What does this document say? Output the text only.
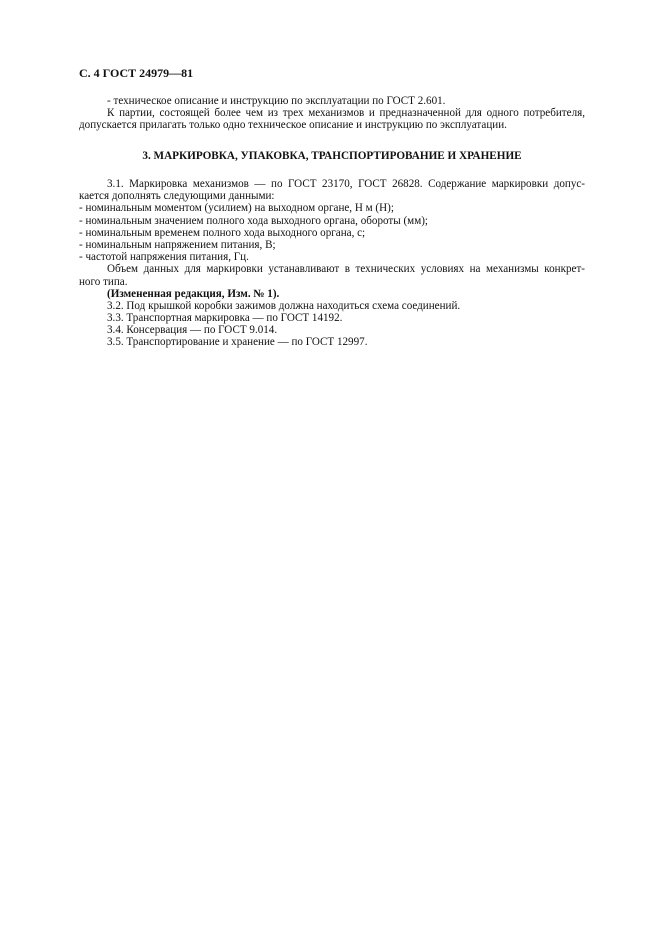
С. 4 ГОСТ 24979—81
- техническое описание и инструкцию по эксплуатации по ГОСТ 2.601.
К партии, состоящей более чем из трех механизмов и предназначенной для одного потребителя,
допускается прилагать только одно техническое описание и инструкцию по эксплуатации.
3. МАРКИРОВКА, УПАКОВКА, ТРАНСПОРТИРОВАНИЕ И ХРАНЕНИЕ
3.1. Маркировка механизмов — по ГОСТ 23170, ГОСТ 26828. Содержание маркировки допус-
кается дополнять следующими данными:
- номинальным моментом (усилием) на выходном органе, Н м (Н);
- номинальным значением полного хода выходного органа, обороты (мм);
- номинальным временем полного хода выходного органа, с;
- номинальным напряжением питания, В;
- частотой напряжения питания, Гц.
Объем данных для маркировки устанавливают в технических условиях на механизмы конкрет-
ного типа.
(Измененная редакция, Изм. № 1).
3.2. Под крышкой коробки зажимов должна находиться схема соединений.
3.3. Транспортная маркировка — по ГОСТ 14192.
3.4. Консервация — по ГОСТ 9.014.
3.5. Транспортирование и хранение — по ГОСТ 12997.
